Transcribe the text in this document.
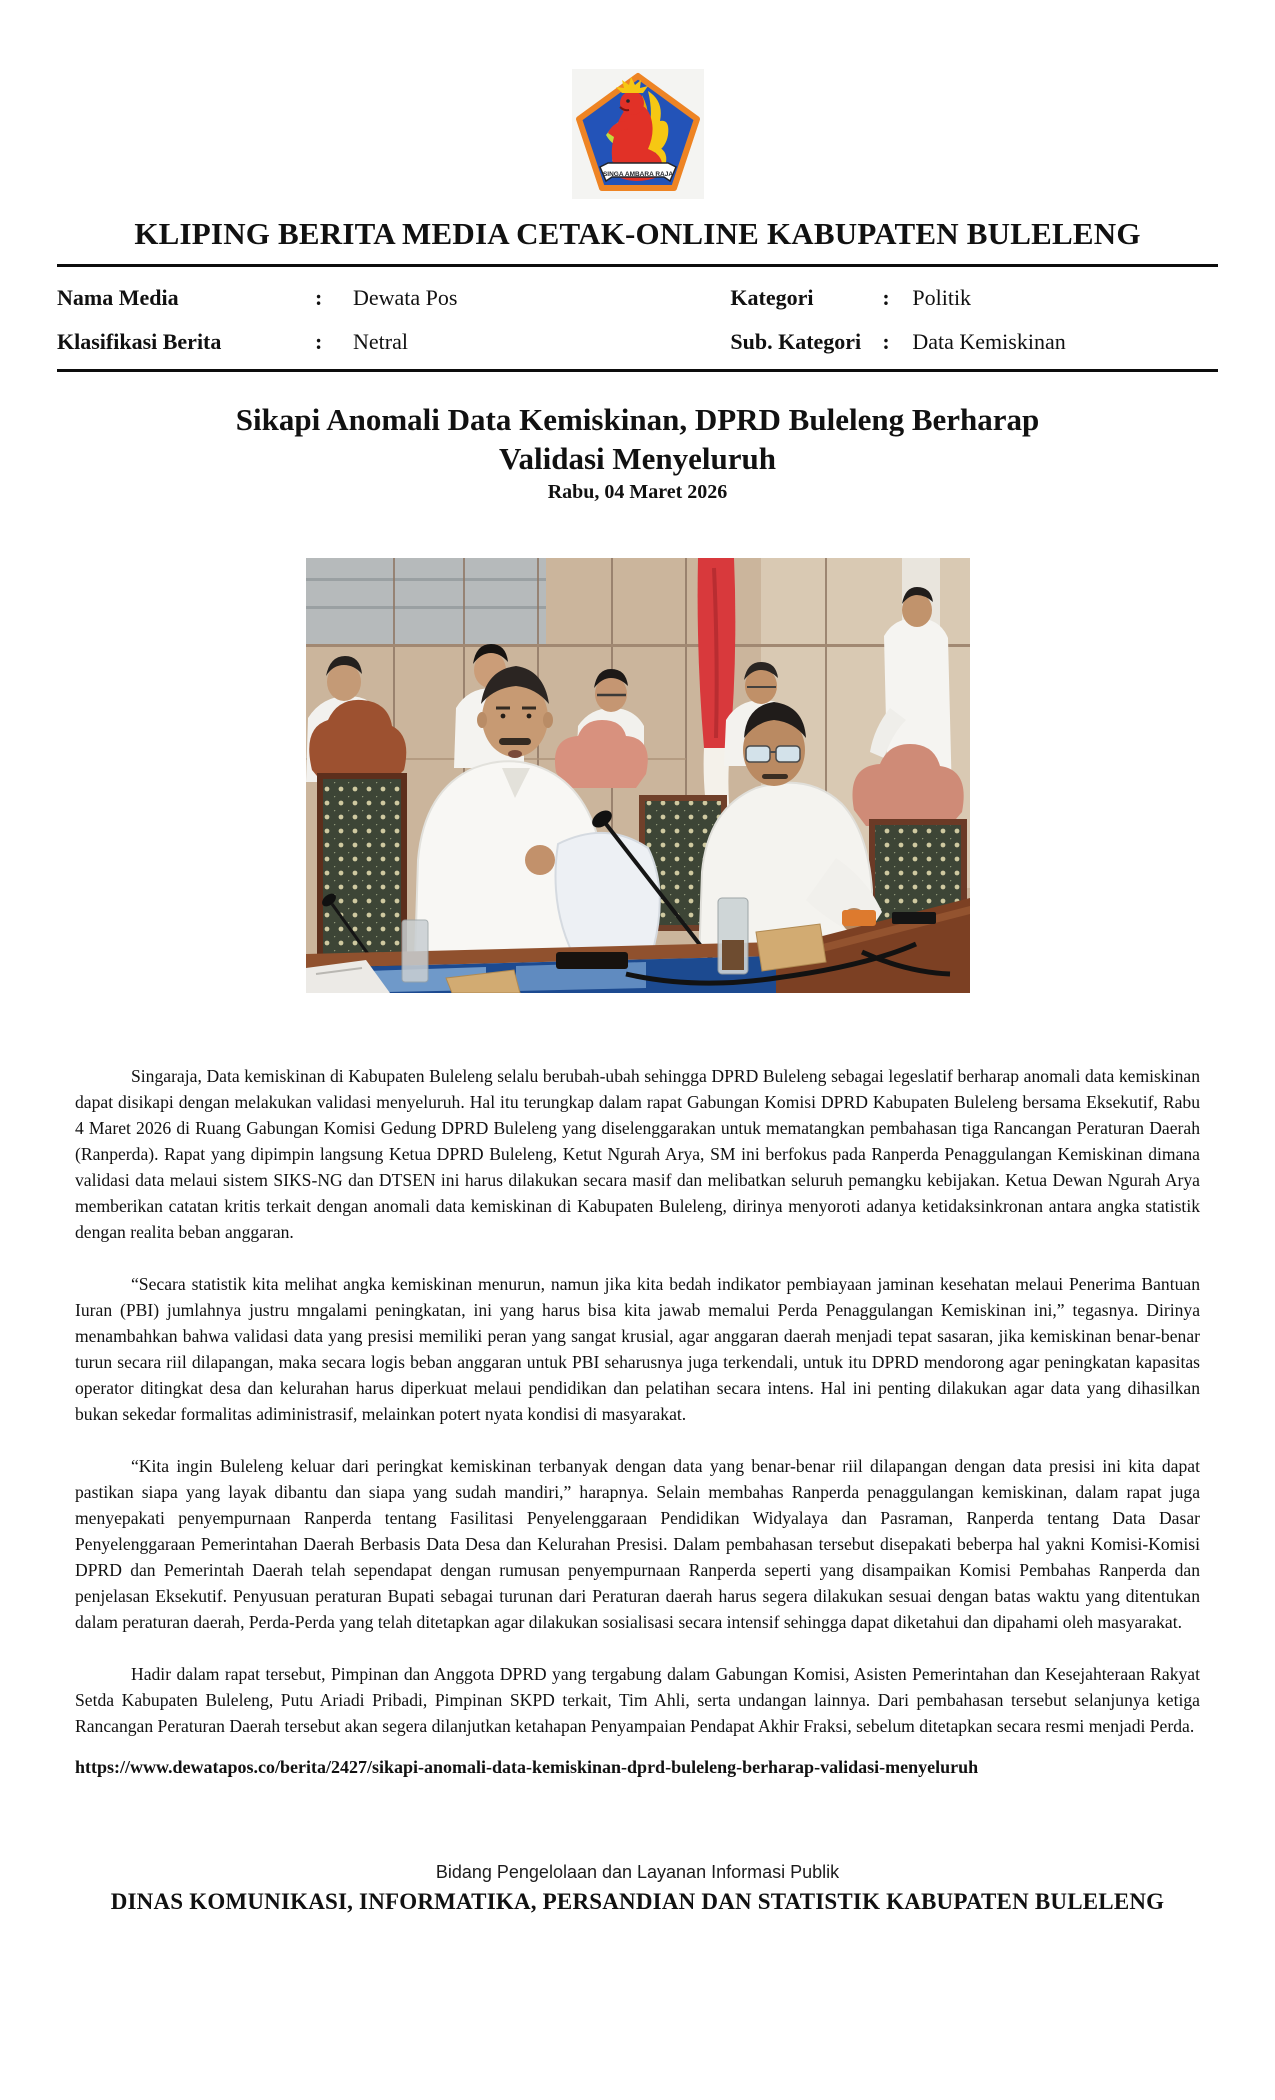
SINGA AMBARA RAJA
KLIPING BERITA MEDIA CETAK-ONLINE KABUPATEN BULELENG
Nama Media	:	Dewata Pos	Kategori	:	Politik
Klasifikasi Berita	:	Netral	Sub. Kategori :	Data Kemiskinan
Sikapi Anomali Data Kemiskinan, DPRD Buleleng Berharap
Validasi Menyeluruh
Rabu, 04 Maret 2026

Singaraja, Data kemiskinan di Kabupaten Buleleng selalu berubah-ubah sehingga DPRD Buleleng sebagai legeslatif berharap anomali data kemiskinan dapat disikapi dengan melakukan validasi menyeluruh. Hal itu terungkap dalam rapat Gabungan Komisi DPRD Kabupaten Buleleng bersama Eksekutif, Rabu 4 Maret 2026 di Ruang Gabungan Komisi Gedung DPRD Buleleng yang diselenggarakan untuk mematangkan pembahasan tiga Rancangan Peraturan Daerah (Ranperda). Rapat yang dipimpin langsung Ketua DPRD Buleleng, Ketut Ngurah Arya, SM ini berfokus pada Ranperda Penaggulangan Kemiskinan dimana validasi data melaui sistem SIKS-NG dan DTSEN ini harus dilakukan secara masif dan melibatkan seluruh pemangku kebijakan. Ketua Dewan Ngurah Arya memberikan catatan kritis terkait dengan anomali data kemiskinan di Kabupaten Buleleng, dirinya menyoroti adanya ketidaksinkronan antara angka statistik dengan realita beban anggaran.

“Secara statistik kita melihat angka kemiskinan menurun, namun jika kita bedah indikator pembiayaan jaminan kesehatan melaui Penerima Bantuan Iuran (PBI) jumlahnya justru mngalami peningkatan, ini yang harus bisa kita jawab memalui Perda Penaggulangan Kemiskinan ini,” tegasnya. Dirinya menambahkan bahwa validasi data yang presisi memiliki peran yang sangat krusial, agar anggaran daerah menjadi tepat sasaran, jika kemiskinan benar-benar turun secara riil dilapangan, maka secara logis beban anggaran untuk PBI seharusnya juga terkendali, untuk itu DPRD mendorong agar peningkatan kapasitas operator ditingkat desa dan kelurahan harus diperkuat melaui pendidikan dan pelatihan secara intens. Hal ini penting dilakukan agar data yang dihasilkan bukan sekedar formalitas adiministrasif, melainkan potert nyata kondisi di masyarakat.

“Kita ingin Buleleng keluar dari peringkat kemiskinan terbanyak dengan data yang benar-benar riil dilapangan dengan data presisi ini kita dapat pastikan siapa yang layak dibantu dan siapa yang sudah mandiri,” harapnya. Selain membahas Ranperda penaggulangan kemiskinan, dalam rapat juga menyepakati penyempurnaan Ranperda tentang Fasilitasi Penyelenggaraan Pendidikan Widyalaya dan Pasraman, Ranperda tentang Data Dasar Penyelenggaraan Pemerintahan Daerah Berbasis Data Desa dan Kelurahan Presisi. Dalam pembahasan tersebut disepakati beberpa hal yakni Komisi-Komisi DPRD dan Pemerintah Daerah telah sependapat dengan rumusan penyempurnaan Ranperda seperti yang disampaikan Komisi Pembahas Ranperda dan penjelasan Eksekutif. Penyusuan peraturan Bupati sebagai turunan dari Peraturan daerah harus segera dilakukan sesuai dengan batas waktu yang ditentukan dalam peraturan daerah, Perda-Perda yang telah ditetapkan agar dilakukan sosialisasi secara intensif sehingga dapat diketahui dan dipahami oleh masyarakat.

Hadir dalam rapat tersebut, Pimpinan dan Anggota DPRD yang tergabung dalam Gabungan Komisi, Asisten Pemerintahan dan Kesejahteraan Rakyat Setda Kabupaten Buleleng, Putu Ariadi Pribadi, Pimpinan SKPD terkait, Tim Ahli, serta undangan lainnya. Dari pembahasan tersebut selanjunya ketiga Rancangan Peraturan Daerah tersebut akan segera dilanjutkan ketahapan Penyampaian Pendapat Akhir Fraksi, sebelum ditetapkan secara resmi menjadi Perda.

https://www.dewatapos.co/berita/2427/sikapi-anomali-data-kemiskinan-dprd-buleleng-berharap-validasi-menyeluruh
Bidang Pengelolaan dan Layanan Informasi Publik
DINAS KOMUNIKASI, INFORMATIKA, PERSANDIAN DAN STATISTIK KABUPATEN BULELENG
